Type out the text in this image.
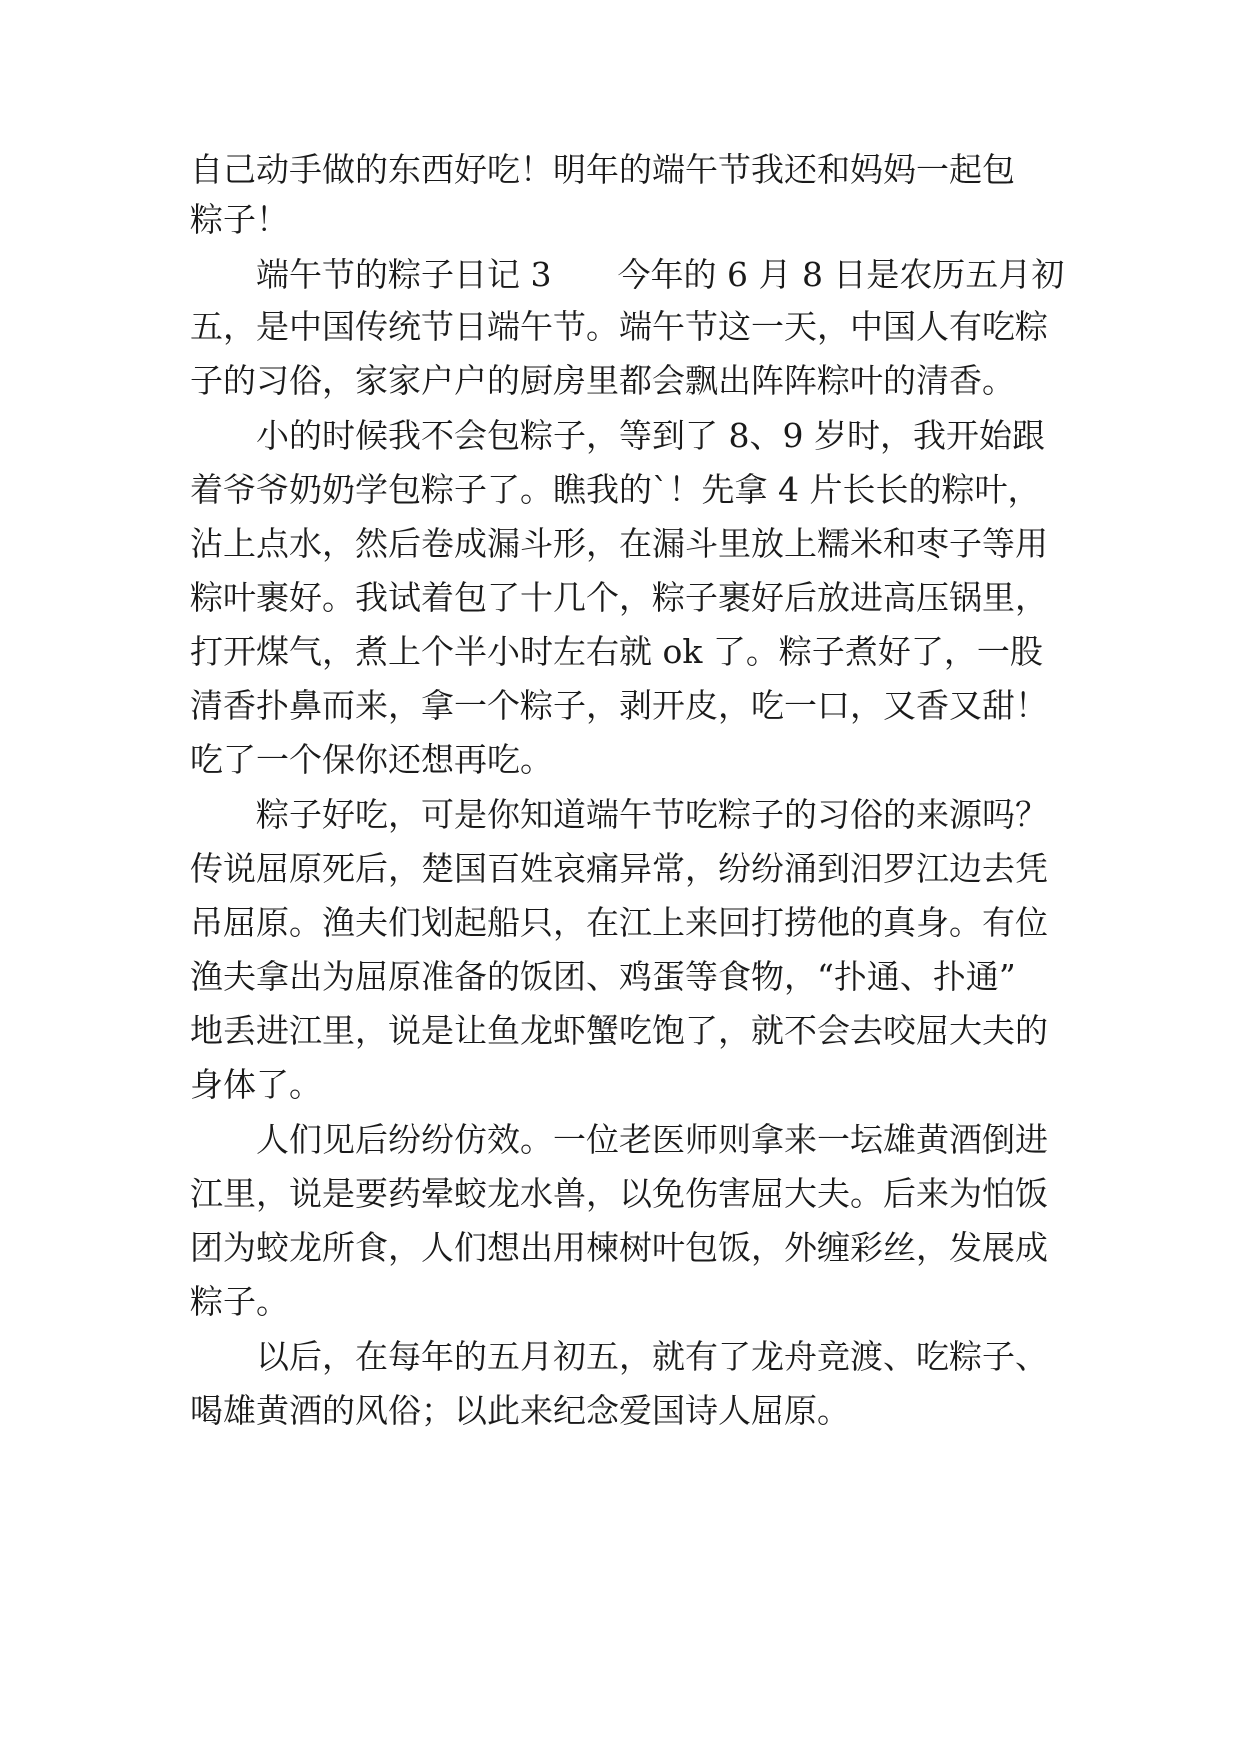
自己动手做的东西好吃！明年的端午节我还和妈妈一起包
粽子！
端午节的粽子日记 3　　今年的 6 月 8 日是农历五月初
五，是中国传统节日端午节。端午节这一天，中国人有吃粽
子的习俗，家家户户的厨房里都会飘出阵阵粽叶的清香。
小的时候我不会包粽子，等到了 8、9 岁时，我开始跟
着爷爷奶奶学包粽子了。瞧我的`！先拿 4 片长长的粽叶，
沾上点水，然后卷成漏斗形，在漏斗里放上糯米和枣子等用
粽叶裹好。我试着包了十几个，粽子裹好后放进高压锅里，
打开煤气，煮上个半小时左右就 ok 了。粽子煮好了，一股
清香扑鼻而来，拿一个粽子，剥开皮，吃一口，又香又甜！
吃了一个保你还想再吃。
粽子好吃，可是你知道端午节吃粽子的习俗的来源吗？
传说屈原死后，楚国百姓哀痛异常，纷纷涌到汨罗江边去凭
吊屈原。渔夫们划起船只，在江上来回打捞他的真身。有位
渔夫拿出为屈原准备的饭团、鸡蛋等食物，“扑通、扑通”
地丢进江里，说是让鱼龙虾蟹吃饱了，就不会去咬屈大夫的
身体了。
人们见后纷纷仿效。一位老医师则拿来一坛雄黄酒倒进
江里，说是要药晕蛟龙水兽，以免伤害屈大夫。后来为怕饭
团为蛟龙所食，人们想出用楝树叶包饭，外缠彩丝，发展成
粽子。
以后，在每年的五月初五，就有了龙舟竞渡、吃粽子、
喝雄黄酒的风俗；以此来纪念爱国诗人屈原。
